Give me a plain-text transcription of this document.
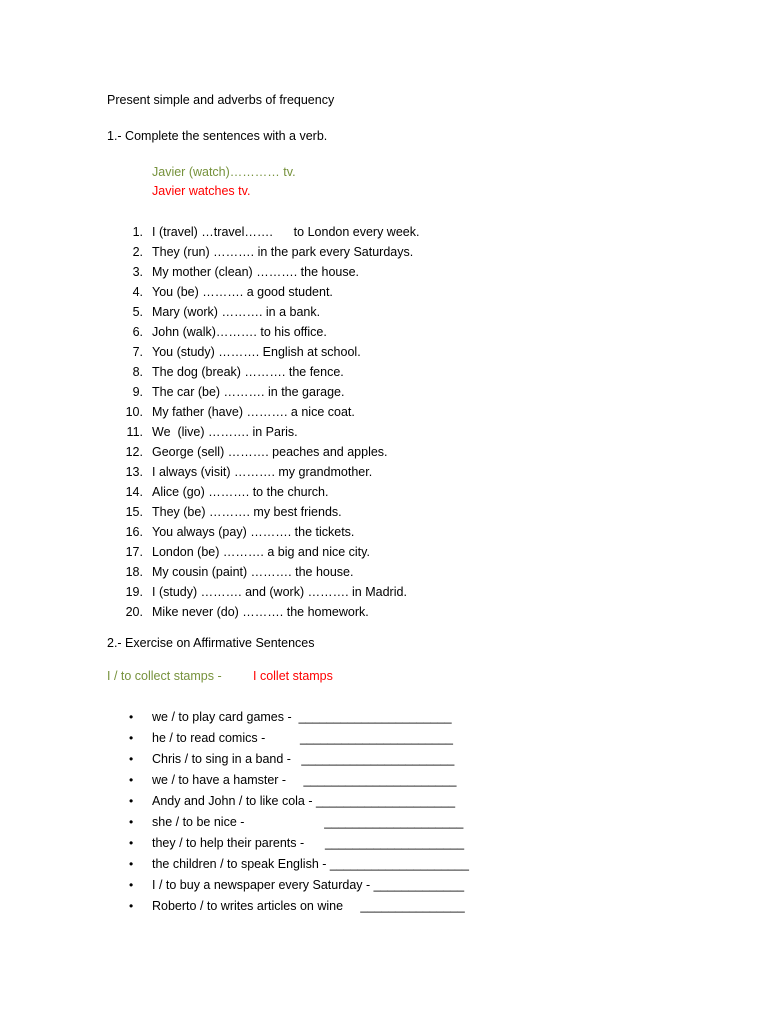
Present simple and adverbs of frequency
1.- Complete the sentences with a verb.
Javier (watch)………… tv.
Javier watches tv.
1. I (travel) …travel…….      to London every week.
2. They (run) ………. in the park every Saturdays.
3. My mother (clean) ………. the house.
4. You (be) ………. a good student.
5. Mary (work) ………. in a bank.
6. John (walk)………. to his office.
7. You (study) ………. English at school.
8. The dog (break) ………. the fence.
9. The car (be) ………. in the garage.
10. My father (have) ………. a nice coat.
11. We  (live) ………. in Paris.
12. George (sell) ………. peaches and apples.
13. I always (visit) ………. my grandmother.
14. Alice (go) ………. to the church.
15. They (be) ………. my best friends.
16. You always (pay) ………. the tickets.
17. London (be) ………. a big and nice city.
18. My cousin (paint) ………. the house.
19. I (study) ………. and (work) ………. in Madrid.
20. Mike never (do) ………. the homework.
2.- Exercise on Affirmative Sentences
I / to collect stamps -	I collet stamps
• we / to play card games -  ______________________
• he / to read comics -          ______________________
• Chris / to sing in a band -   ______________________
• we / to have a hamster -     ______________________
• Andy and John / to like cola - ____________________
• she / to be nice -                       ____________________
• they / to help their parents -      ____________________
• the children / to speak English - ____________________
• I / to buy a newspaper every Saturday - _____________
• Roberto / to writes articles on wine     _______________
